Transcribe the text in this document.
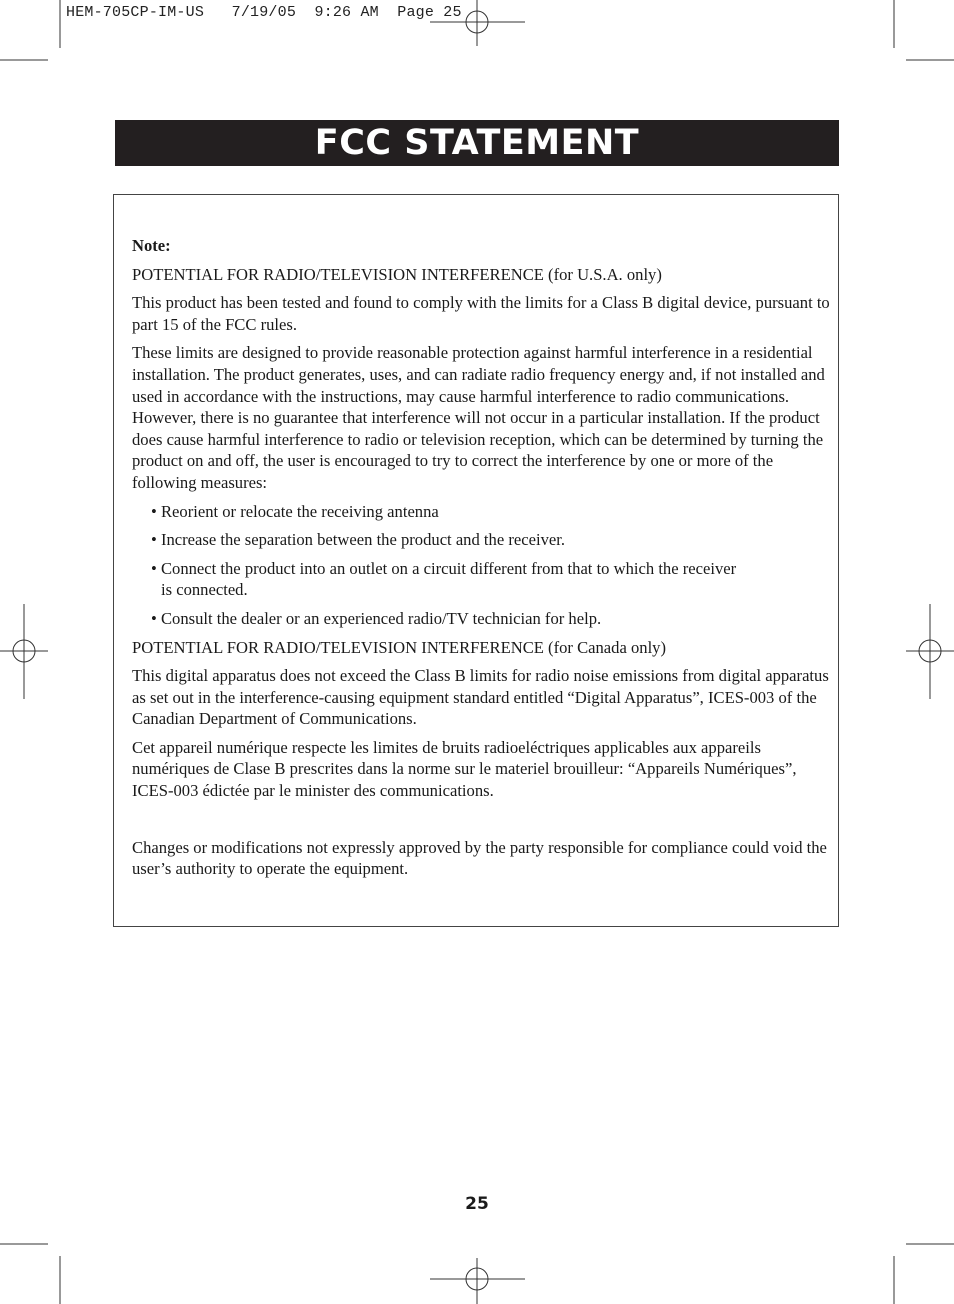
HEM-705CP-IM-US   7/19/05  9:26 AM  Page 25
FCC STATEMENT

Note:

POTENTIAL FOR RADIO/TELEVISION INTERFERENCE (for U.S.A. only)

This product has been tested and found to comply with the limits for a Class B digital device, pursuant to part 15 of the FCC rules.

These limits are designed to provide reasonable protection against harmful interference in a residential installation. The product generates, uses, and can radiate radio frequency energy and, if not installed and used in accordance with the instructions, may cause harmful interference to radio communications. However, there is no guarantee that interference will not occur in a particular installation. If the product does cause harmful interference to radio or television reception, which can be determined by turning the product on and off, the user is encouraged to try to correct the interference by one or more of the following measures:

• Reorient or relocate the receiving antenna
• Increase the separation between the product and the receiver.
• Connect the product into an outlet on a circuit different from that to which the receiver
is connected.
• Consult the dealer or an experienced radio/TV technician for help.

POTENTIAL FOR RADIO/TELEVISION INTERFERENCE (for Canada only)

This digital apparatus does not exceed the Class B limits for radio noise emissions from digital apparatus as set out in the interference-causing equipment standard entitled “Digital Apparatus”, ICES-003 of the Canadian Department of Communications.

Cet appareil numérique respecte les limites de bruits radioeléctriques applicables aux appareils numériques de Clase B prescrites dans la norme sur le materiel brouilleur: “Appareils Numériques”, ICES-003 édictée par le minister des communications.

Changes or modifications not expressly approved by the party responsible for compliance could void the user’s authority to operate the equipment.

25
